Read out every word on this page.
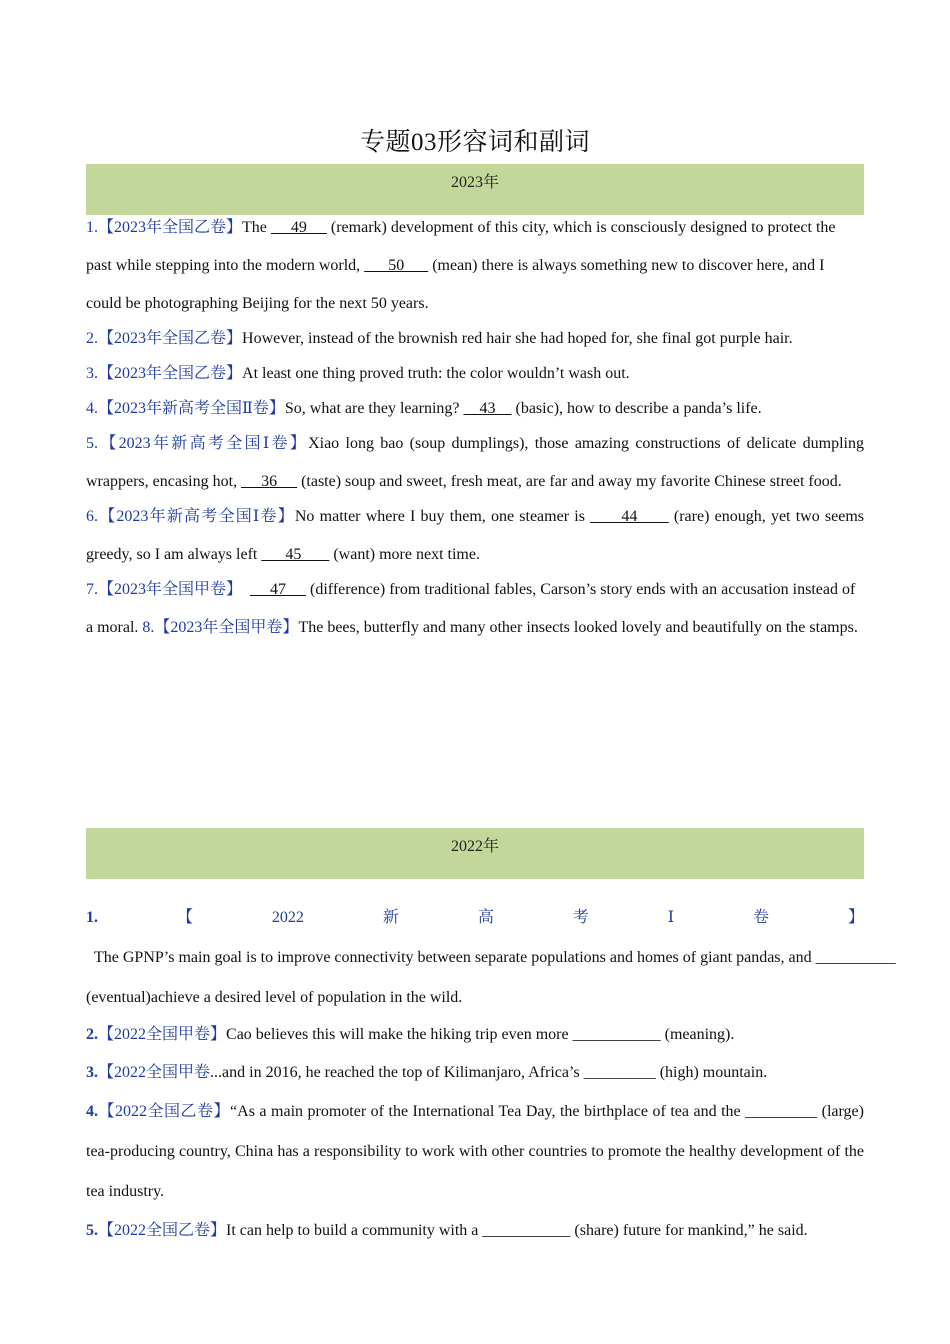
专题03形容词和副词
2023年

1.【2023年全国乙卷】The      49      (remark) development of this city, which is consciously designed to protect the past while stepping into the modern world,       50       (mean) there is always something new to discover here, and I could be photographing Beijing for the next 50 years.

2.【2023年全国乙卷】However, instead of the brownish red hair she had hoped for, she final got purple hair.

3.【2023年全国乙卷】At least one thing proved truth: the color wouldn’t wash out.

4.【2023年新高考全国Ⅱ卷】So, what are they learning?     43     (basic), how to describe a panda’s life.

5.【2023年新高考全国Ⅰ卷】Xiao long bao (soup dumplings), those amazing constructions of delicate dumpling wrappers, encasing hot,      36      (taste) soup and sweet, fresh meat, are far and away my favorite Chinese street food.

6.【2023年新高考全国Ⅰ卷】No matter where I buy them, one steamer is       44       (rare) enough, yet two seems greedy, so I am always left       45        (want) more next time.

7.【2023年全国甲卷】       47      (difference) from traditional fables, Carson’s story ends with an accusation instead of a moral. 8.【2023年全国甲卷】The bees, butterfly and many other insects looked lovely and beautifully on the stamps.

2022年

1.【2022新高考Ⅰ卷】  The GPNP’s main goal is to improve connectivity between separate populations and homes of giant pandas, and __________ (eventual)achieve a desired level of population in the wild.

2.【2022全国甲卷】Cao believes this will make the hiking trip even more ___________ (meaning).

3.【2022全国甲卷...and in 2016, he reached the top of Kilimanjaro, Africa’s _________ (high) mountain.

4.【2022全国乙卷】“As a main promoter of the International Tea Day, the birthplace of tea and the _________ (large) tea-producing country, China has a responsibility to work with other countries to promote the healthy development of the tea industry.

5.【2022全国乙卷】It can help to build a community with a ___________ (share) future for mankind,” he said.
